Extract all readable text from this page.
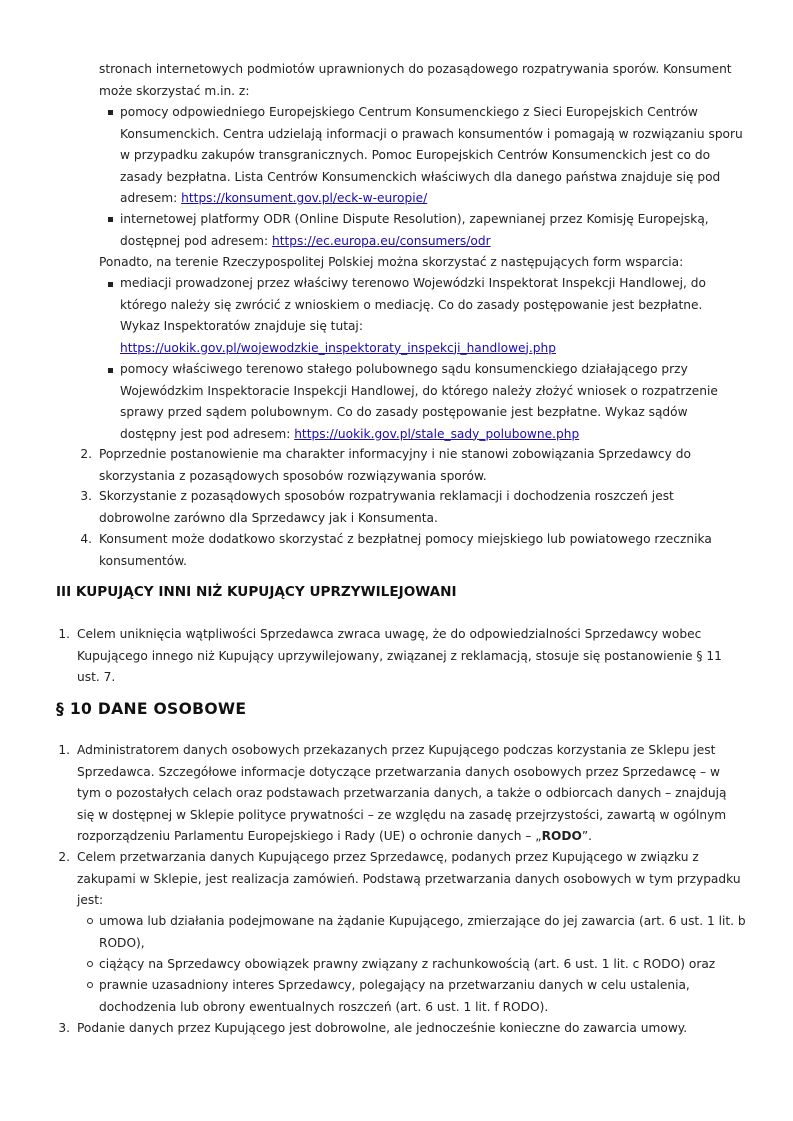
stronach internetowych podmiotów uprawnionych do pozasądowego rozpatrywania sporów. Konsument

może skorzystać m.in. z:

pomocy odpowiedniego Europejskiego Centrum Konsumenckiego z Sieci Europejskich Centrów

Konsumenckich. Centra udzielają informacji o prawach konsumentów i pomagają w rozwiązaniu sporu

w przypadku zakupów transgranicznych. Pomoc Europejskich Centrów Konsumenckich jest co do

zasady bezpłatna. Lista Centrów Konsumenckich właściwych dla danego państwa znajduje się pod

adresem: https://konsument.gov.pl/eck-w-europie/

internetowej platformy ODR (Online Dispute Resolution), zapewnianej przez Komisję Europejską,

dostępnej pod adresem: https://ec.europa.eu/consumers/odr

Ponadto, na terenie Rzeczypospolitej Polskiej można skorzystać z następujących form wsparcia:

mediacji prowadzonej przez właściwy terenowo Wojewódzki Inspektorat Inspekcji Handlowej, do

którego należy się zwrócić z wnioskiem o mediację. Co do zasady postępowanie jest bezpłatne.

Wykaz Inspektoratów znajduje się tutaj:

https://uokik.gov.pl/wojewodzkie_inspektoraty_inspekcji_handlowej.php

pomocy właściwego terenowo stałego polubownego sądu konsumenckiego działającego przy

Wojewódzkim Inspektoracie Inspekcji Handlowej, do którego należy złożyć wniosek o rozpatrzenie

sprawy przed sądem polubownym. Co do zasady postępowanie jest bezpłatne. Wykaz sądów

dostępny jest pod adresem: https://uokik.gov.pl/stale_sady_polubowne.php

2. Poprzednie postanowienie ma charakter informacyjny i nie stanowi zobowiązania Sprzedawcy do

skorzystania z pozasądowych sposobów rozwiązywania sporów.

3. Skorzystanie z pozasądowych sposobów rozpatrywania reklamacji i dochodzenia roszczeń jest

dobrowolne zarówno dla Sprzedawcy jak i Konsumenta.

4. Konsument może dodatkowo skorzystać z bezpłatnej pomocy miejskiego lub powiatowego rzecznika

konsumentów.

III KUPUJĄCY INNI NIŻ KUPUJĄCY UPRZYWILEJOWANI
1. Celem uniknięcia wątpliwości Sprzedawca zwraca uwagę, że do odpowiedzialności Sprzedawcy wobec

Kupującego innego niż Kupujący uprzywilejowany, związanej z reklamacją, stosuje się postanowienie § 11

ust. 7.

§ 10 DANE OSOBOWE
1. Administratorem danych osobowych przekazanych przez Kupującego podczas korzystania ze Sklepu jest

Sprzedawca. Szczegółowe informacje dotyczące przetwarzania danych osobowych przez Sprzedawcę – w

tym o pozostałych celach oraz podstawach przetwarzania danych, a także o odbiorcach danych – znajdują

się w dostępnej w Sklepie polityce prywatności – ze względu na zasadę przejrzystości, zawartą w ogólnym

rozporządzeniu Parlamentu Europejskiego i Rady (UE) o ochronie danych – „RODO”.

2. Celem przetwarzania danych Kupującego przez Sprzedawcę, podanych przez Kupującego w związku z

zakupami w Sklepie, jest realizacja zamówień. Podstawą przetwarzania danych osobowych w tym przypadku

jest:

umowa lub działania podejmowane na żądanie Kupującego, zmierzające do jej zawarcia (art. 6 ust. 1 lit. b

RODO),

ciążący na Sprzedawcy obowiązek prawny związany z rachunkowością (art. 6 ust. 1 lit. c RODO) oraz

prawnie uzasadniony interes Sprzedawcy, polegający na przetwarzaniu danych w celu ustalenia,

dochodzenia lub obrony ewentualnych roszczeń (art. 6 ust. 1 lit. f RODO).

3. Podanie danych przez Kupującego jest dobrowolne, ale jednocześnie konieczne do zawarcia umowy.
